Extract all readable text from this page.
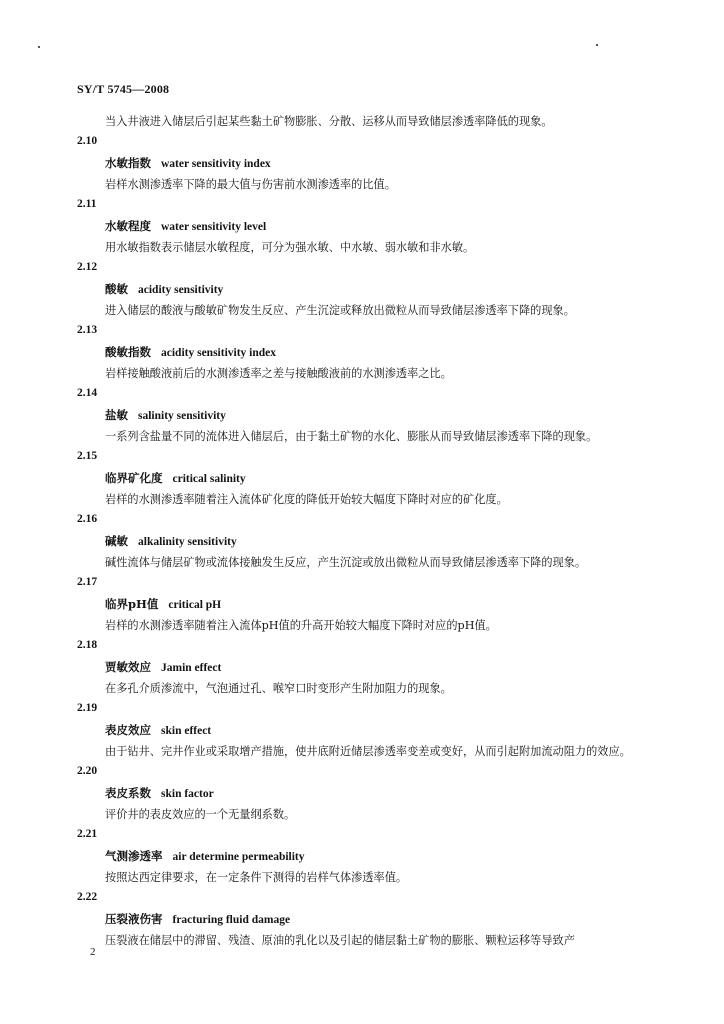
SY/T 5745—2008
当入井液进入储层后引起某些黏土矿物膨胀、分散、运移从而导致储层渗透率降低的现象。
2.10
水敏指数 water sensitivity index
岩样水测渗透率下降的最大值与伤害前水测渗透率的比值。
2.11
水敏程度 water sensitivity level
用水敏指数表示储层水敏程度，可分为强水敏、中水敏、弱水敏和非水敏。
2.12
酸敏 acidity sensitivity
进入储层的酸液与酸敏矿物发生反应、产生沉淀或释放出微粒从而导致储层渗透率下降的现象。
2.13
酸敏指数 acidity sensitivity index
岩样接触酸液前后的水测渗透率之差与接触酸液前的水测渗透率之比。
2.14
盐敏 salinity sensitivity
一系列含盐量不同的流体进入储层后，由于黏土矿物的水化、膨胀从而导致储层渗透率下降的现象。
2.15
临界矿化度 critical salinity
岩样的水测渗透率随着注入流体矿化度的降低开始较大幅度下降时对应的矿化度。
2.16
碱敏 alkalinity sensitivity
碱性流体与储层矿物或流体接触发生反应，产生沉淀或放出微粒从而导致储层渗透率下降的现象。
2.17
临界pH值 critical pH
岩样的水测渗透率随着注入流体pH值的升高开始较大幅度下降时对应的pH值。
2.18
贾敏效应 Jamin effect
在多孔介质渗流中，气泡通过孔、喉窄口时变形产生附加阻力的现象。
2.19
表皮效应 skin effect
由于钻井、完井作业或采取增产措施，使井底附近储层渗透率变差或变好，从而引起附加流动阻力的效应。
2.20
表皮系数 skin factor
评价井的表皮效应的一个无量纲系数。
2.21
气测渗透率 air determine permeability
按照达西定律要求，在一定条件下测得的岩样气体渗透率值。
2.22
压裂液伤害 fracturing fluid damage
压裂液在储层中的滞留、残渣、原油的乳化以及引起的储层黏土矿物的膨胀、颗粒运移等导致产
2
